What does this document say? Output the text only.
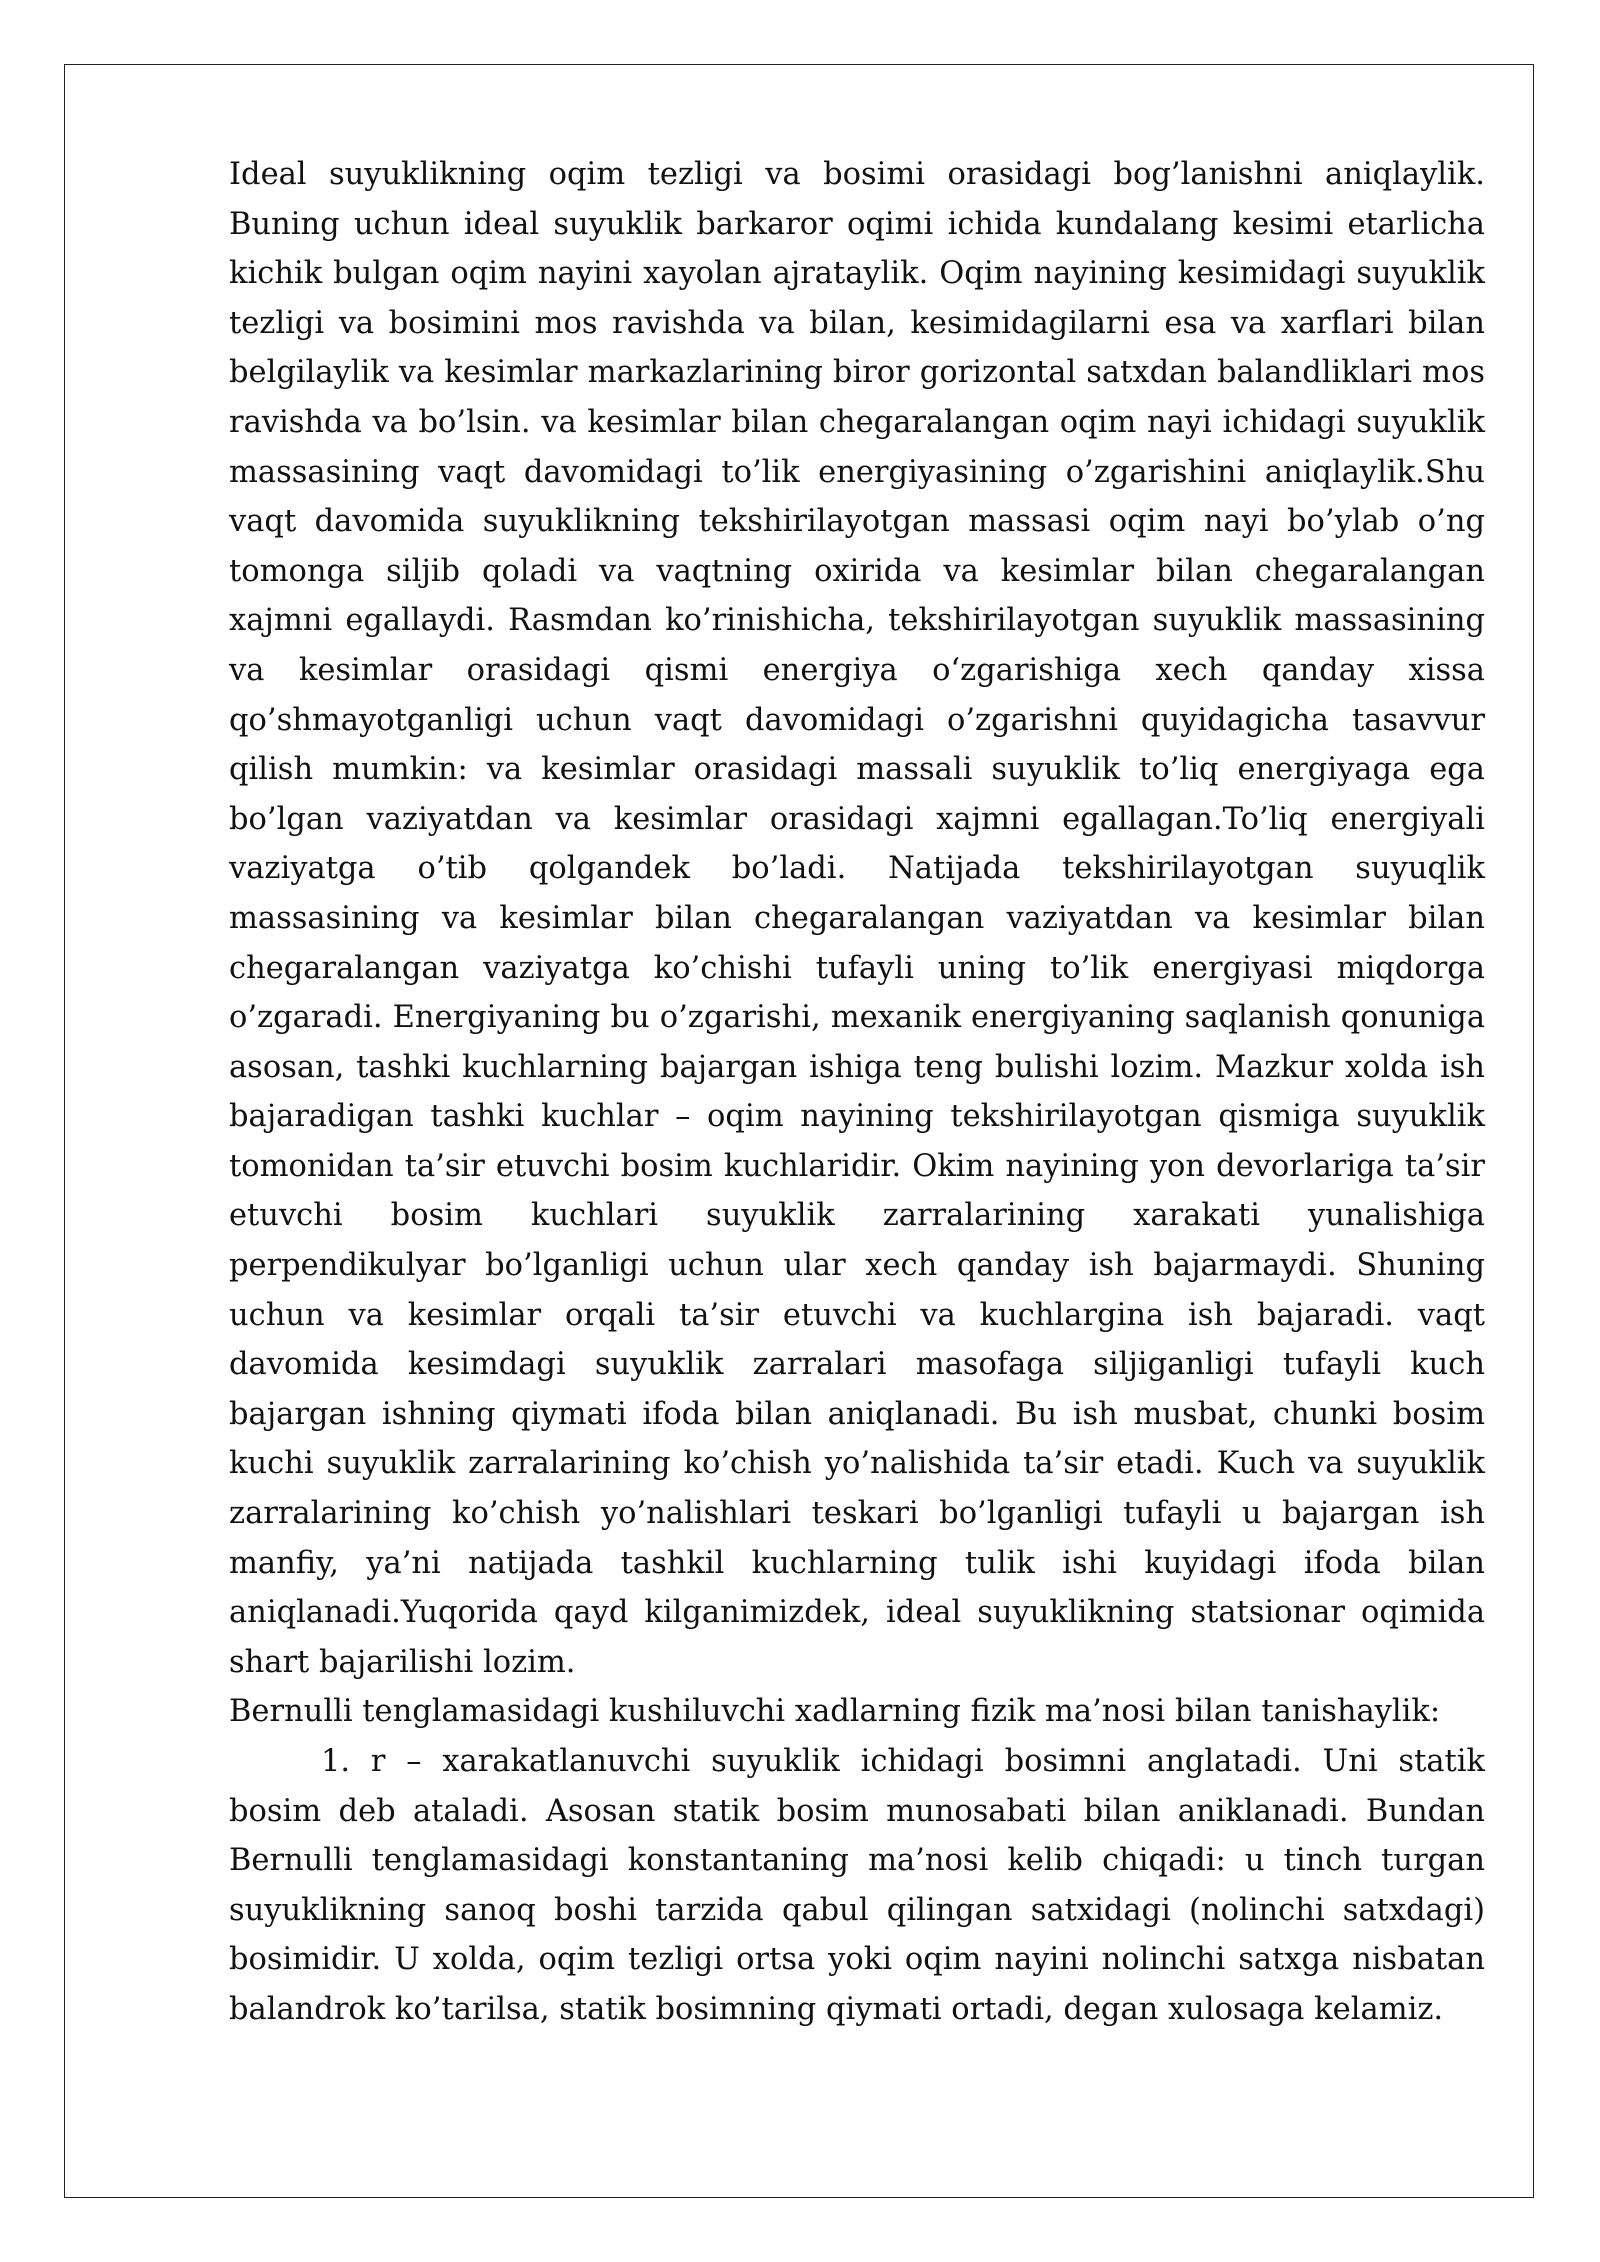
Ideal suyuklikning oqim tezligi va bosimi orasidagi bog’lanishni aniqlaylik. Buning uchun ideal suyuklik barkaror oqimi ichida kundalang kesimi etarlicha kichik bulgan oqim nayini xayolan ajrataylik. Oqim nayining kesimidagi suyuklik tezligi va bosimini mos ravishda va bilan, kesimidagilarni esa va xarflari bilan belgilaylik va kesimlar markazlarining biror gorizontal satxdan balandliklari mos ravishda va bo’lsin. va kesimlar bilan chegaralangan oqim nayi ichidagi suyuklik massasining vaqt davomidagi to’lik energiyasining o’zgarishini aniqlaylik.Shu vaqt davomida suyuklikning tekshirilayotgan massasi oqim nayi bo’ylab o’ng tomonga siljib qoladi va vaqtning oxirida va kesimlar bilan chegaralangan xajmni egallaydi. Rasmdan ko’rinishicha, tekshirilayotgan suyuklik massasining va kesimlar orasidagi qismi energiya o‘zgarishiga xech qanday xissa qo’shmayotganligi uchun vaqt davomidagi o’zgarishni quyidagicha tasavvur qilish mumkin: va kesimlar orasidagi massali suyuklik to’liq energiyaga ega bo’lgan vaziyatdan va kesimlar orasidagi xajmni egallagan.To’liq energiyali vaziyatga o’tib qolgandek bo’ladi. Natijada tekshirilayotgan suyuqlik massasining va kesimlar bilan chegaralangan vaziyatdan va kesimlar bilan chegaralangan vaziyatga ko’chishi tufayli uning to’lik energiyasi miqdorga o’zgaradi. Energiyaning bu o’zgarishi, mexanik energiyaning saqlanish qonuniga asosan, tashki kuchlarning bajargan ishiga teng bulishi lozim. Mazkur xolda ish bajaradigan tashki kuchlar – oqim nayining tekshirilayotgan qismiga suyuklik tomonidan ta’sir etuvchi bosim kuchlaridir. Okim nayining yon devorlariga ta’sir etuvchi bosim kuchlari suyuklik zarralarining xarakati yunalishiga perpendikulyar bo’lganligi uchun ular xech qanday ish bajarmaydi. Shuning uchun va kesimlar orqali ta’sir etuvchi va kuchlargina ish bajaradi. vaqt davomida kesimdagi suyuklik zarralari masofaga siljiganligi tufayli kuch bajargan ishning qiymati ifoda bilan aniqlanadi. Bu ish musbat, chunki bosim kuchi suyuklik zarralarining ko’chish yo’nalishida ta’sir etadi. Kuch va suyuklik zarralarining ko’chish yo’nalishlari teskari bo’lganligi tufayli u bajargan ish manfiy, ya’ni natijada tashkil kuchlarning tulik ishi kuyidagi ifoda bilan aniqlanadi.Yuqorida qayd kilganimizdek, ideal suyuklikning statsionar oqimida shart bajarilishi lozim.

Bernulli tenglamasidagi kushiluvchi xadlarning fizik ma’nosi bilan tanishaylik:

1. r – xarakatlanuvchi suyuklik ichidagi bosimni anglatadi. Uni statik bosim deb ataladi. Asosan statik bosim munosabati bilan aniklanadi. Bundan Bernulli tenglamasidagi konstantaning ma’nosi kelib chiqadi: u tinch turgan suyuklikning sanoq boshi tarzida qabul qilingan satxidagi (nolinchi satxdagi) bosimidir. U xolda, oqim tezligi ortsa yoki oqim nayini nolinchi satxga nisbatan balandrok ko’tarilsa, statik bosimning qiymati ortadi, degan xulosaga kelamiz.
